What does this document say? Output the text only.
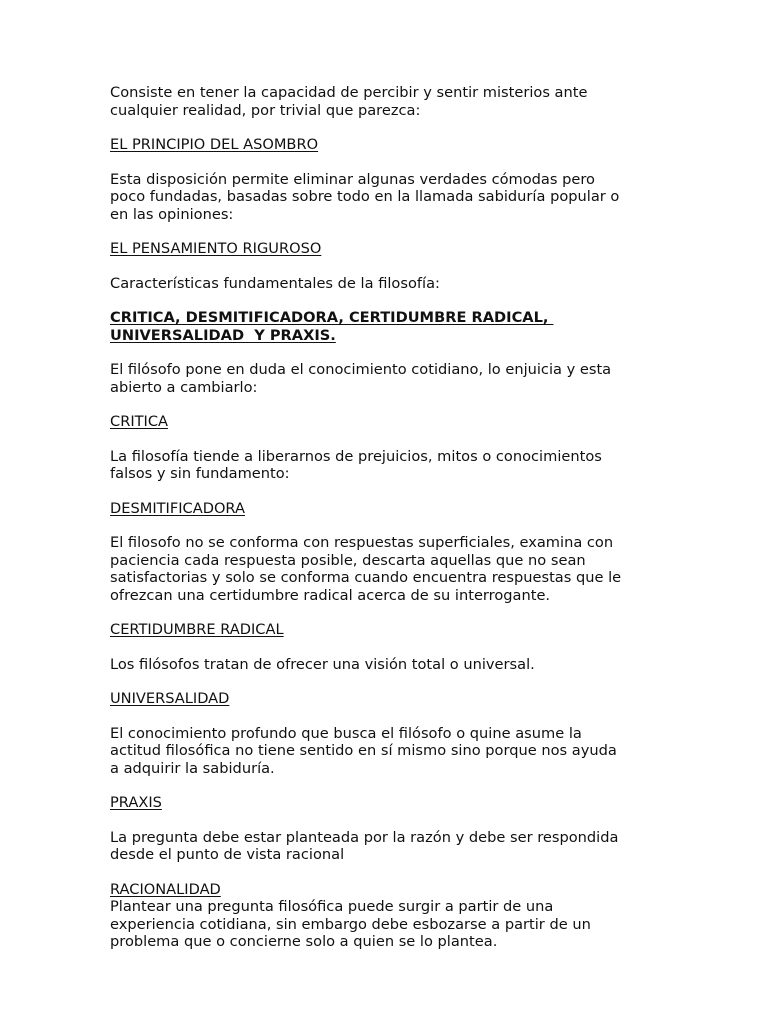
Consiste en tener la capacidad de percibir y sentir misterios ante
cualquier realidad, por trivial que parezca:
EL PRINCIPIO DEL ASOMBRO
Esta disposición permite eliminar algunas verdades cómodas pero
poco fundadas, basadas sobre todo en la llamada sabiduría popular o
en las opiniones:
EL PENSAMIENTO RIGUROSO
Características fundamentales de la filosofía:
CRITICA, DESMITIFICADORA, CERTIDUMBRE RADICAL,
UNIVERSALIDAD  Y PRAXIS.
El filósofo pone en duda el conocimiento cotidiano, lo enjuicia y esta
abierto a cambiarlo:
CRITICA
La filosofía tiende a liberarnos de prejuicios, mitos o conocimientos
falsos y sin fundamento:
DESMITIFICADORA
El filosofo no se conforma con respuestas superficiales, examina con
paciencia cada respuesta posible, descarta aquellas que no sean
satisfactorias y solo se conforma cuando encuentra respuestas que le
ofrezcan una certidumbre radical acerca de su interrogante.
CERTIDUMBRE RADICAL
Los filósofos tratan de ofrecer una visión total o universal.
UNIVERSALIDAD
El conocimiento profundo que busca el filósofo o quine asume la
actitud filosófica no tiene sentido en sí mismo sino porque nos ayuda
a adquirir la sabiduría.
PRAXIS
La pregunta debe estar planteada por la razón y debe ser respondida
desde el punto de vista racional
RACIONALIDAD
Plantear una pregunta filosófica puede surgir a partir de una
experiencia cotidiana, sin embargo debe esbozarse a partir de un
problema que o concierne solo a quien se lo plantea.
